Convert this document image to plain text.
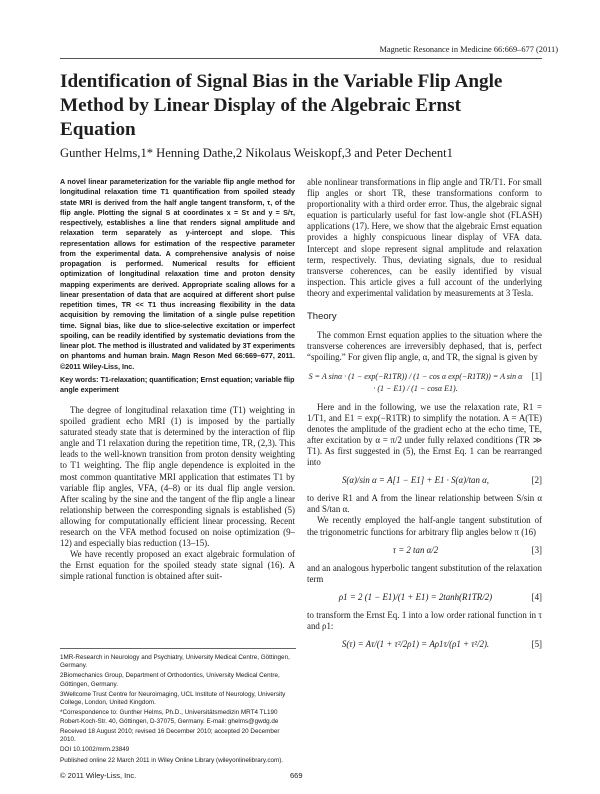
Magnetic Resonance in Medicine 66:669–677 (2011)
Identification of Signal Bias in the Variable Flip Angle Method by Linear Display of the Algebraic Ernst Equation
Gunther Helms,1* Henning Dathe,2 Nikolaus Weiskopf,3 and Peter Dechent1
A novel linear parameterization for the variable flip angle method for longitudinal relaxation time T1 quantification from spoiled steady state MRI is derived from the half angle tangent transform, τ, of the flip angle. Plotting the signal S at coordinates x = Sτ and y = S/τ, respectively, establishes a line that renders signal amplitude and relaxation term separately as y-intercept and slope. This representation allows for estimation of the respective parameter from the experimental data. A comprehensive analysis of noise propagation is performed. Numerical results for efficient optimization of longitudinal relaxation time and proton density mapping experiments are derived. Appropriate scaling allows for a linear presentation of data that are acquired at different short pulse repetition times, TR << T1 thus increasing flexibility in the data acquisition by removing the limitation of a single pulse repetition time. Signal bias, like due to slice-selective excitation or imperfect spoiling, can be readily identified by systematic deviations from the linear plot. The method is illustrated and validated by 3T experiments on phantoms and human brain. Magn Reson Med 66:669–677, 2011. ©2011 Wiley-Liss, Inc.
Key words: T1-relaxation; quantification; Ernst equation; variable flip angle experiment

The degree of longitudinal relaxation time (T1) weighting in spoiled gradient echo MRI (1) is imposed by the partially saturated steady state that is determined by the interaction of flip angle and T1 relaxation during the repetition time, TR, (2,3). This leads to the well-known transition from proton density weighting to T1 weighting. The flip angle dependence is exploited in the most common quantitative MRI application that estimates T1 by variable flip angles, VFA, (4–8) or its dual flip angle version. After scaling by the sine and the tangent of the flip angle a linear relationship between the corresponding signals is established (5) allowing for computationally efficient linear processing. Recent research on the VFA method focused on noise optimization (9–12) and especially bias reduction (13–15).

We have recently proposed an exact algebraic formulation of the Ernst equation for the spoiled steady state signal (16). A simple rational function is obtained after suit-

1MR-Research in Neurology and Psychiatry, University Medical Centre, Göttingen, Germany.

2Biomechanics Group, Department of Orthodontics, University Medical Centre, Göttingen, Germany.

3Wellcome Trust Centre for Neuroimaging, UCL Institute of Neurology, University College, London, United Kingdom.

*Correspondence to: Gunther Helms, Ph.D., Universitätsmedizin MRT4 TL190 Robert-Koch-Str. 40, Göttingen, D-37075, Germany. E-mail: ghelms@gwdg.de

Received 18 August 2010; revised 16 December 2010; accepted 20 December 2010.

DOI 10.1002/mrm.23849

Published online 22 March 2011 in Wiley Online Library (wileyonlinelibrary.com).

able nonlinear transformations in flip angle and TR/T1. For small flip angles or short TR, these transformations conform to proportionality with a third order error. Thus, the algebraic signal equation is particularly useful for fast low-angle shot (FLASH) applications (17). Here, we show that the algebraic Ernst equation provides a highly conspicuous linear display of VFA data. Intercept and slope represent signal amplitude and relaxation term, respectively. Thus, deviating signals, due to residual transverse coherences, can be easily identified by visual inspection. This article gives a full account of the underlying theory and experimental validation by measurements at 3 Tesla.

Theory

The common Ernst equation applies to the situation where the transverse coherences are irreversibly dephased, that is, perfect “spoiling.” For given flip angle, α, and TR, the signal is given by

S = A sinα · (1 − exp(−R1TR)) / (1 − cos α exp(−R1TR)) = A sin α · (1 − E1) / (1 − cosα E1).
[1]

Here and in the following, we use the relaxation rate, R1 = 1/T1, and E1 = exp(−R1TR) to simplify the notation. A = A(TE) denotes the amplitude of the gradient echo at the echo time, TE, after excitation by α = π/2 under fully relaxed conditions (TR ≫ T1). As first suggested in (5), the Ernst Eq. 1 can be rearranged into

S(α)/sin α = A[1 − E1] + E1 · S(α)/tan α,	[2]

to derive R1 and A from the linear relationship between S/sin α and S/tan α.

We recently employed the half-angle tangent substitution of the trigonometric functions for arbitrary flip angles below π (16)

τ = 2 tan α/2	[3]

and an analogous hyperbolic tangent substitution of the relaxation term

ρ1 = 2 (1 − E1)/(1 + E1) = 2tanh(R1TR/2)	[4]

to transform the Ernst Eq. 1 into a low order rational function in τ and ρ1:

S(τ) = Aτ/(1 + τ²/2ρ1) = Aρ1τ/(ρ1 + τ²/2).	[5]
© 2011 Wiley-Liss, Inc.	669
